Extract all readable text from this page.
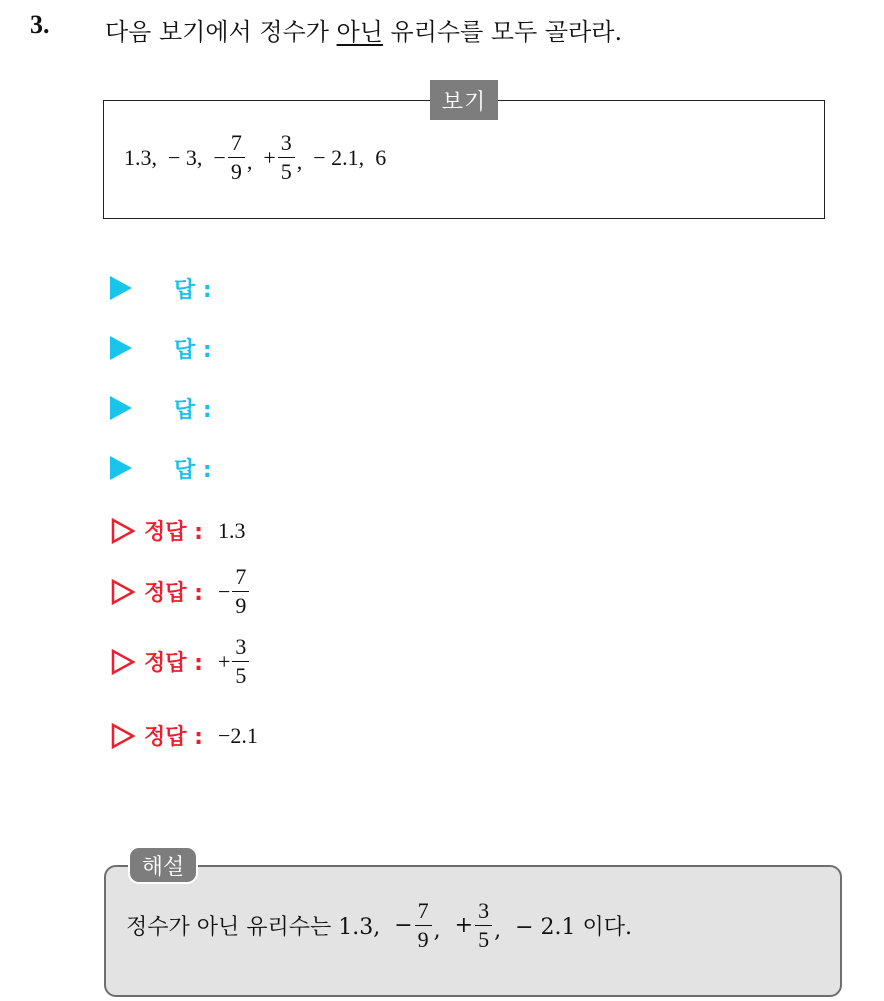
3. 다음 보기에서 정수가 아닌 유리수를 모두 골라라.
보기
1.3,
− 3,
− $\frac{7}{9}$ ,
+ $\frac{3}{5}$ ,
− 2.1,
6
답 :
답 :
답 :
답 :
정답 : 1.3
정답 : − $\frac{7}{9}$
정답 : + $\frac{3}{5}$
정답 : −2.1
해설
정수가 아닌 유리수는 1.3,
− $\frac{7}{9}$ ,
+ $\frac{3}{5}$ ,
− 2.1 이다.
